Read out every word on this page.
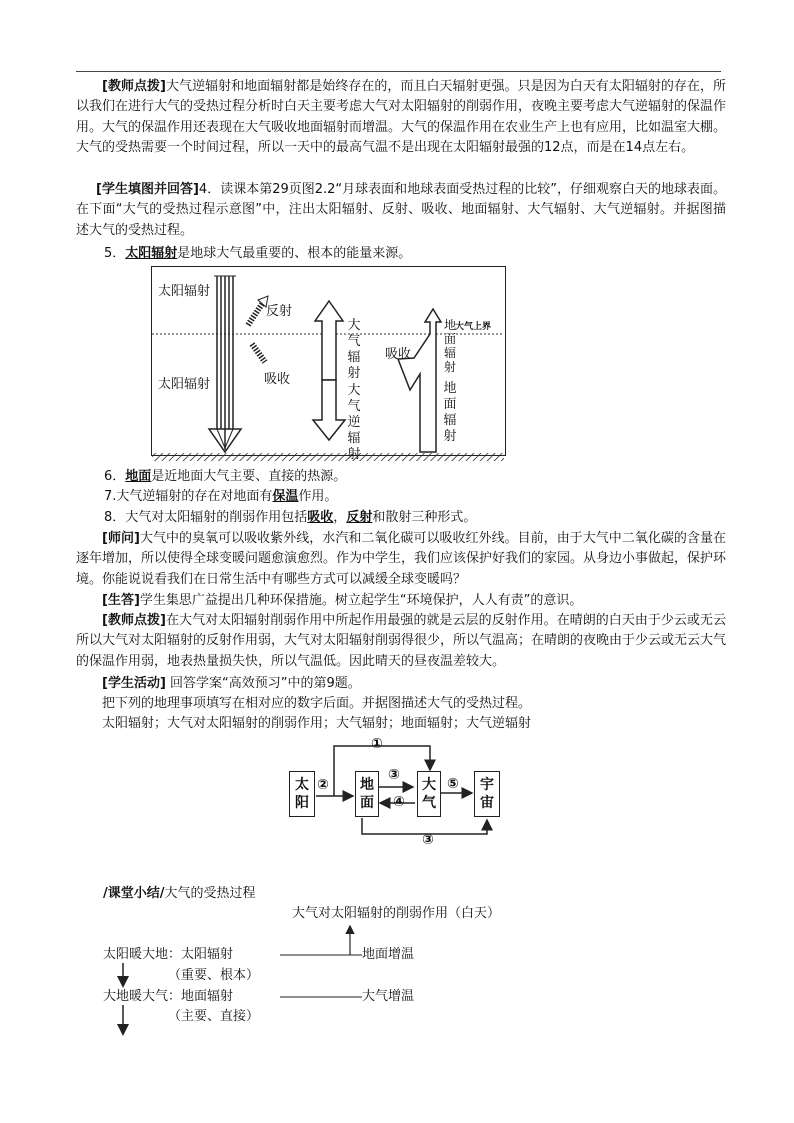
[教师点拨]大气逆辐射和地面辐射都是始终存在的，而且白天辐射更强。只是因为白天有太阳辐射的存在，所以我们在进行大气的受热过程分析时白天主要考虑大气对太阳辐射的削弱作用，夜晚主要考虑大气逆辐射的保温作用。大气的保温作用还表现在大气吸收地面辐射而增温。大气的保温作用在农业生产上也有应用，比如温室大棚。大气的受热需要一个时间过程，所以一天中的最高气温不是出现在太阳辐射最强的12点，而是在14点左右。
[学生填图并回答]4．读课本第29页图2.2“月球表面和地球表面受热过程的比较”，仔细观察白天的地球表面。在下面“大气的受热过程示意图”中，注出太阳辐射、反射、吸收、地面辐射、大气辐射、大气逆辐射。并据图描述大气的受热过程。
5．太阳辐射是地球大气最重要的、根本的能量来源。
太阳辐射
反射
太阳辐射	吸收
大气辐射
大气逆辐射
吸收
地面辐射
大气上界
地面辐射
6．地面是近地面大气主要、直接的热源。
7.大气逆辐射的存在对地面有保温作用。
8．大气对太阳辐射的削弱作用包括吸收，反射和散射三种形式。
[师问]大气中的臭氧可以吸收紫外线，水汽和二氧化碳可以吸收红外线。目前，由于大气中二氧化碳的含量在逐年增加，所以使得全球变暖问题愈演愈烈。作为中学生，我们应该保护好我们的家园。从身边小事做起，保护环境。你能说说看我们在日常生活中有哪些方式可以减缓全球变暖吗？
[生答]学生集思广益提出几种环保措施。树立起学生“环境保护，人人有责”的意识。
[教师点拨]在大气对太阳辐射削弱作用中所起作用最强的就是云层的反射作用。在晴朗的白天由于少云或无云所以大气对太阳辐射的反射作用弱，大气对太阳辐射削弱得很少，所以气温高；在晴朗的夜晚由于少云或无云大气的保温作用弱，地表热量损失快，所以气温低。因此晴天的昼夜温差较大。
[学生活动] 回答学案“高效预习”中的第9题。
把下列的地理事项填写在相对应的数字后面。并据图描述大气的受热过程。
太阳辐射；大气对太阳辐射的削弱作用；大气辐射；地面辐射；大气逆辐射
太
阳
地
面
大
气
宇
宙
①
②
③
④
⑤
③
/课堂小结/大气的受热过程
大气对太阳辐射的削弱作用（白天）
太阳暖大地：太阳辐射	地面增温
（重要、根本）
大地暖大气：地面辐射	大气增温
（主要、直接）
